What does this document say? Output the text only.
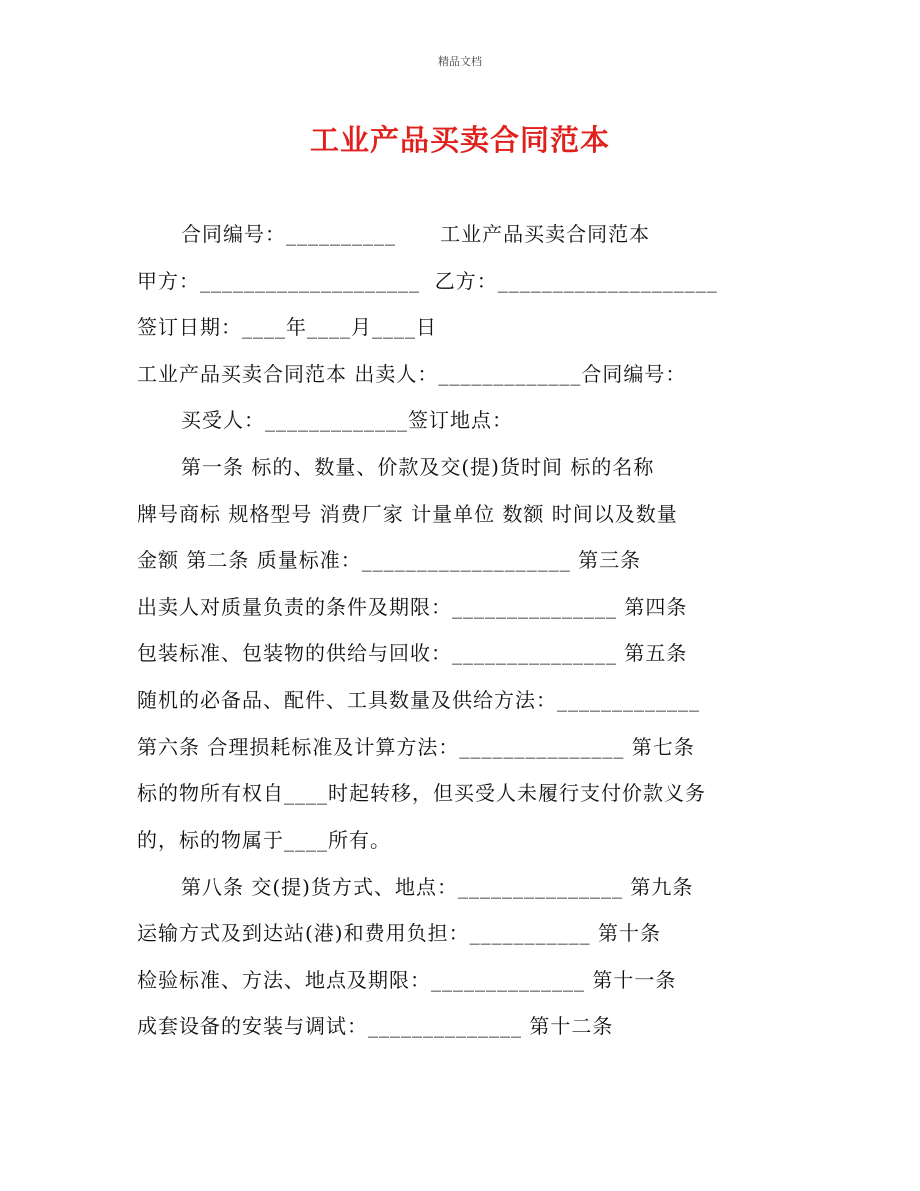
精品文档
工业产品买卖合同范本
合同编号：__________      工业产品买卖合同范本
甲方：____________________  乙方：____________________
签订日期：____年____月____日
工业产品买卖合同范本 出卖人：_____________合同编号：
买受人：_____________签订地点：
第一条 标的、数量、价款及交(提)货时间 标的名称
牌号商标 规格型号 消费厂家 计量单位 数额 时间以及数量
金额 第二条 质量标准：___________________ 第三条
出卖人对质量负责的条件及期限：_______________ 第四条
包装标准、包装物的供给与回收：_______________ 第五条
随机的必备品、配件、工具数量及供给方法：_____________
第六条 合理损耗标准及计算方法：_______________ 第七条
标的物所有权自____时起转移，但买受人未履行支付价款义务
的，标的物属于____所有。
第八条 交(提)货方式、地点：_______________ 第九条
运输方式及到达站(港)和费用负担：___________ 第十条
检验标准、方法、地点及期限：______________ 第十一条
成套设备的安装与调试：______________ 第十二条
